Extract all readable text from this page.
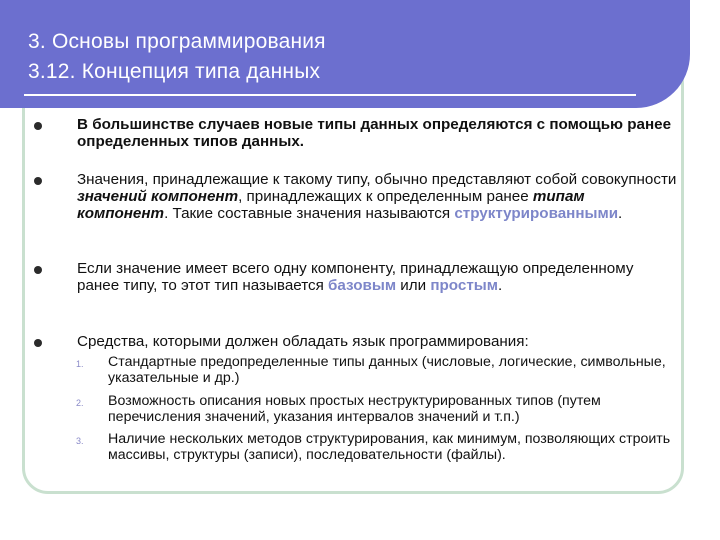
3. Основы программирования
3.12. Концепция типа данных
В большинстве случаев новые типы данных определяются с помощью ранее определенных типов данных.
Значения, принадлежащие к такому типу, обычно представляют собой совокупности значений компонент, принадлежащих к определенным ранее типам компонент. Такие составные значения называются структурированными.
Если значение имеет всего одну компоненту, принадлежащую определенному ранее типу, то этот тип называется базовым или простым.
Средства, которыми должен обладать язык программирования:
1. Стандартные предопределенные типы данных (числовые, логические, символьные, указательные и др.)
2. Возможность описания новых простых неструктурированных типов (путем перечисления значений, указания интервалов значений и т.п.)
3. Наличие нескольких методов структурирования, как минимум, позволяющих строить массивы, структуры (записи), последовательности (файлы).
